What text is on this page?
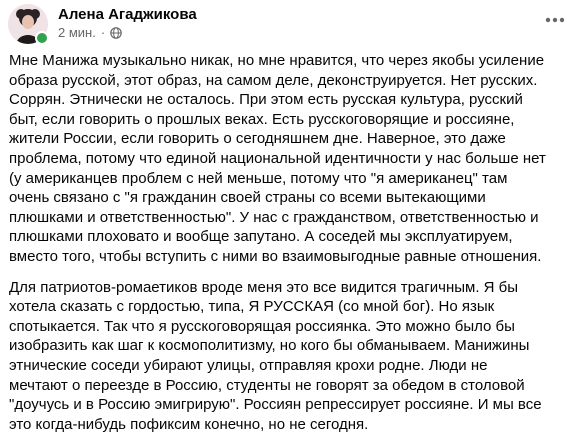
Алена Агаджикова
2 мин. ·

Мне Манижа музыкально никак, но мне нравится, что через якобы усиление
образа русской, этот образ, на самом деле, деконструируется. Нет русских.
Соррян. Этнически не осталось. При этом есть русская культура, русский
быт, если говорить о прошлых веках. Есть русскоговорящие и россияне,
жители России, если говорить о сегодняшнем дне. Наверное, это даже
проблема, потому что единой национальной идентичности у нас больше нет
(у американцев проблем с ней меньше, потому что "я американец" там
очень связано с "я гражданин своей страны со всеми вытекающими
плюшками и ответственностью". У нас с гражданством, ответственностью и
плюшками плоховато и вообще запутано. А соседей мы эксплуатируем,
вместо того, чтобы вступить с ними во взаимовыгодные равные отношения.

Для патриотов-ромаетиков вроде меня это все видится трагичным. Я бы
хотела сказать с гордостью, типа, Я РУССКАЯ (со мной бог). Но язык
спотыкается. Так что я русскоговорящая россиянка. Это можно было бы
изобразить как шаг к космополитизму, но кого бы обманываем. Манижины
этнические соседи убирают улицы, отправляя крохи родне. Люди не
мечтают о переезде в Россию, студенты не говорят за обедом в столовой
"доучусь и в Россию эмигрирую". Россиян репрессирует россияне. И мы все
это когда-нибудь пофиксим конечно, но не сегодня.
